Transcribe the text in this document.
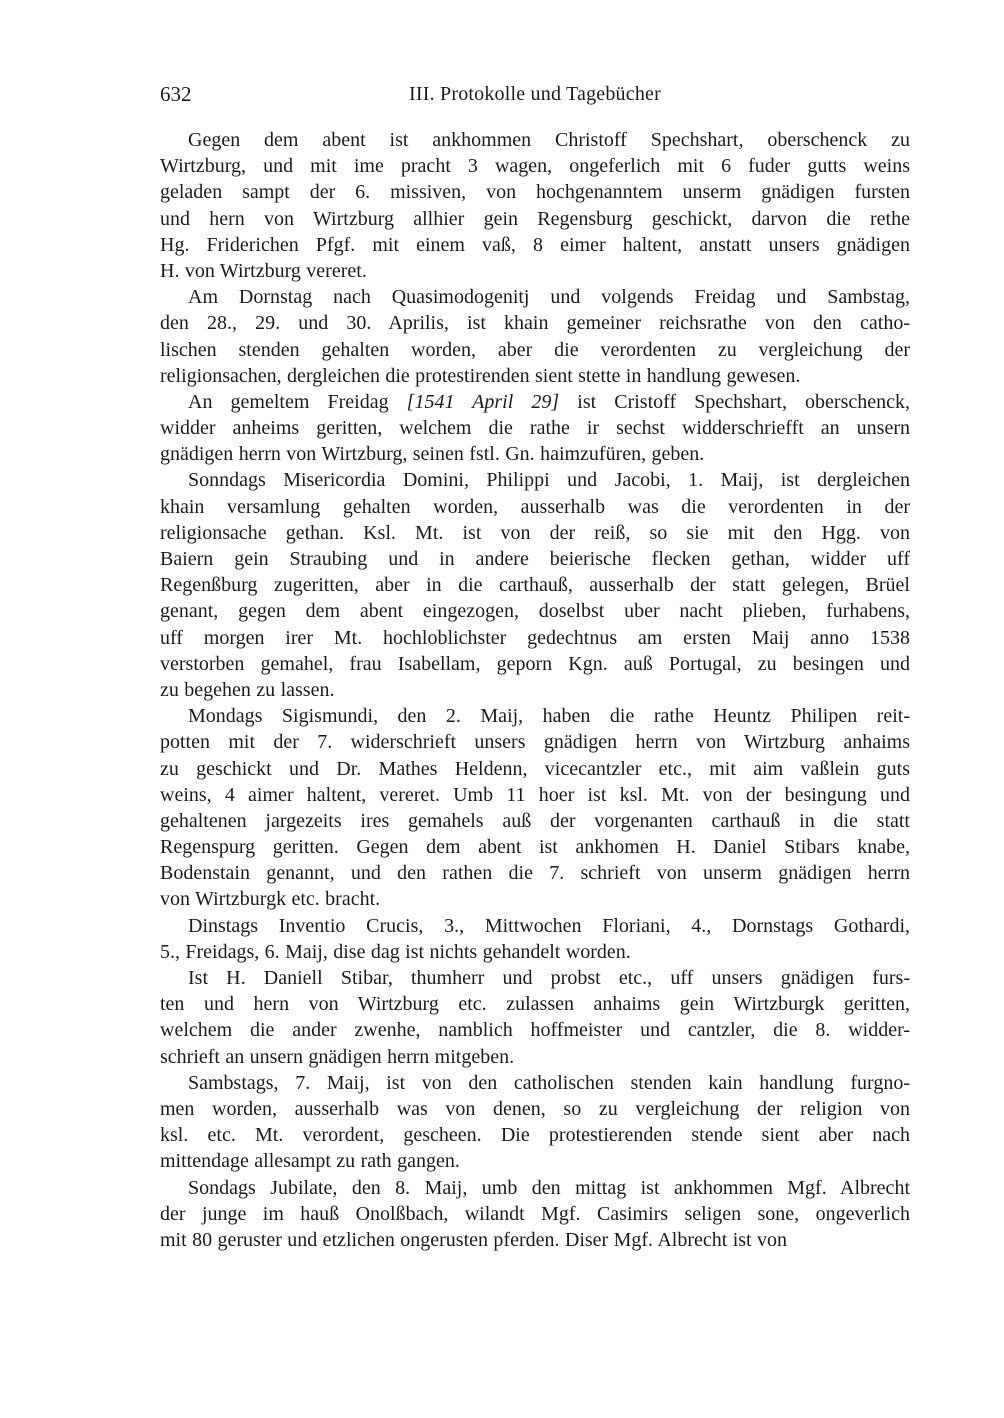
632	III. Protokolle und Tagebücher

Gegen dem abent ist ankhommen Christoff Spechshart, oberschenck zu
Wirtzburg, und mit ime pracht 3 wagen, ongeferlich mit 6 fuder gutts weins
geladen sampt der 6. missiven, von hochgenanntem unserm gnädigen fursten
und hern von Wirtzburg allhier gein Regensburg geschickt, darvon die rethe
Hg. Friderichen Pfgf. mit einem vaß, 8 eimer haltent, anstatt unsers gnädigen
H. von Wirtzburg vereret.

Am Dornstag nach Quasimodogenitj und volgends Freidag und Sambstag,
den 28., 29. und 30. Aprilis, ist khain gemeiner reichsrathe von den catho-
lischen stenden gehalten worden, aber die verordenten zu vergleichung der
religionsachen, dergleichen die protestirenden sient stette in handlung gewesen.

An gemeltem Freidag [1541 April 29] ist Cristoff Spechshart, oberschenck,
widder anheims geritten, welchem die rathe ir sechst widderschriefft an unsern
gnädigen herrn von Wirtzburg, seinen fstl. Gn. haimzufüren, geben.

Sonndags Misericordia Domini, Philippi und Jacobi, 1. Maij, ist dergleichen
khain versamlung gehalten worden, ausserhalb was die verordenten in der
religionsache gethan. Ksl. Mt. ist von der reiß, so sie mit den Hgg. von
Baiern gein Straubing und in andere beierische flecken gethan, widder uff
Regenßburg zugeritten, aber in die carthauß, ausserhalb der statt gelegen, Brüel
genant, gegen dem abent eingezogen, doselbst uber nacht plieben, furhabens,
uff morgen irer Mt. hochloblichster gedechtnus am ersten Maij anno 1538
verstorben gemahel, frau Isabellam, geporn Kgn. auß Portugal, zu besingen und
zu begehen zu lassen.

Mondags Sigismundi, den 2. Maij, haben die rathe Heuntz Philipen reit-
potten mit der 7. widerschrieft unsers gnädigen herrn von Wirtzburg anhaims
zu geschickt und Dr. Mathes Heldenn, vicecantzler etc., mit aim vaßlein guts
weins, 4 aimer haltent, vereret. Umb 11 hoer ist ksl. Mt. von der besingung und
gehaltenen jargezeits ires gemahels auß der vorgenanten carthauß in die statt
Regenspurg geritten. Gegen dem abent ist ankhomen H. Daniel Stibars knabe,
Bodenstain genannt, und den rathen die 7. schrieft von unserm gnädigen herrn
von Wirtzburgk etc. bracht.

Dinstags Inventio Crucis, 3., Mittwochen Floriani, 4., Dornstags Gothardi,
5., Freidags, 6. Maij, dise dag ist nichts gehandelt worden.

Ist H. Daniell Stibar, thumherr und probst etc., uff unsers gnädigen furs-
ten und hern von Wirtzburg etc. zulassen anhaims gein Wirtzburgk geritten,
welchem die ander zwenhe, namblich hoffmeister und cantzler, die 8. widder-
schrieft an unsern gnädigen herrn mitgeben.

Sambstags, 7. Maij, ist von den catholischen stenden kain handlung furgno-
men worden, ausserhalb was von denen, so zu vergleichung der religion von
ksl. etc. Mt. verordent, gescheen. Die protestierenden stende sient aber nach
mittendage allesampt zu rath gangen.

Sondags Jubilate, den 8. Maij, umb den mittag ist ankhommen Mgf. Albrecht
der junge im hauß Onolßbach, wilandt Mgf. Casimirs seligen sone, ongeverlich
mit 80 geruster und etzlichen ongerusten pferden. Diser Mgf. Albrecht ist von
